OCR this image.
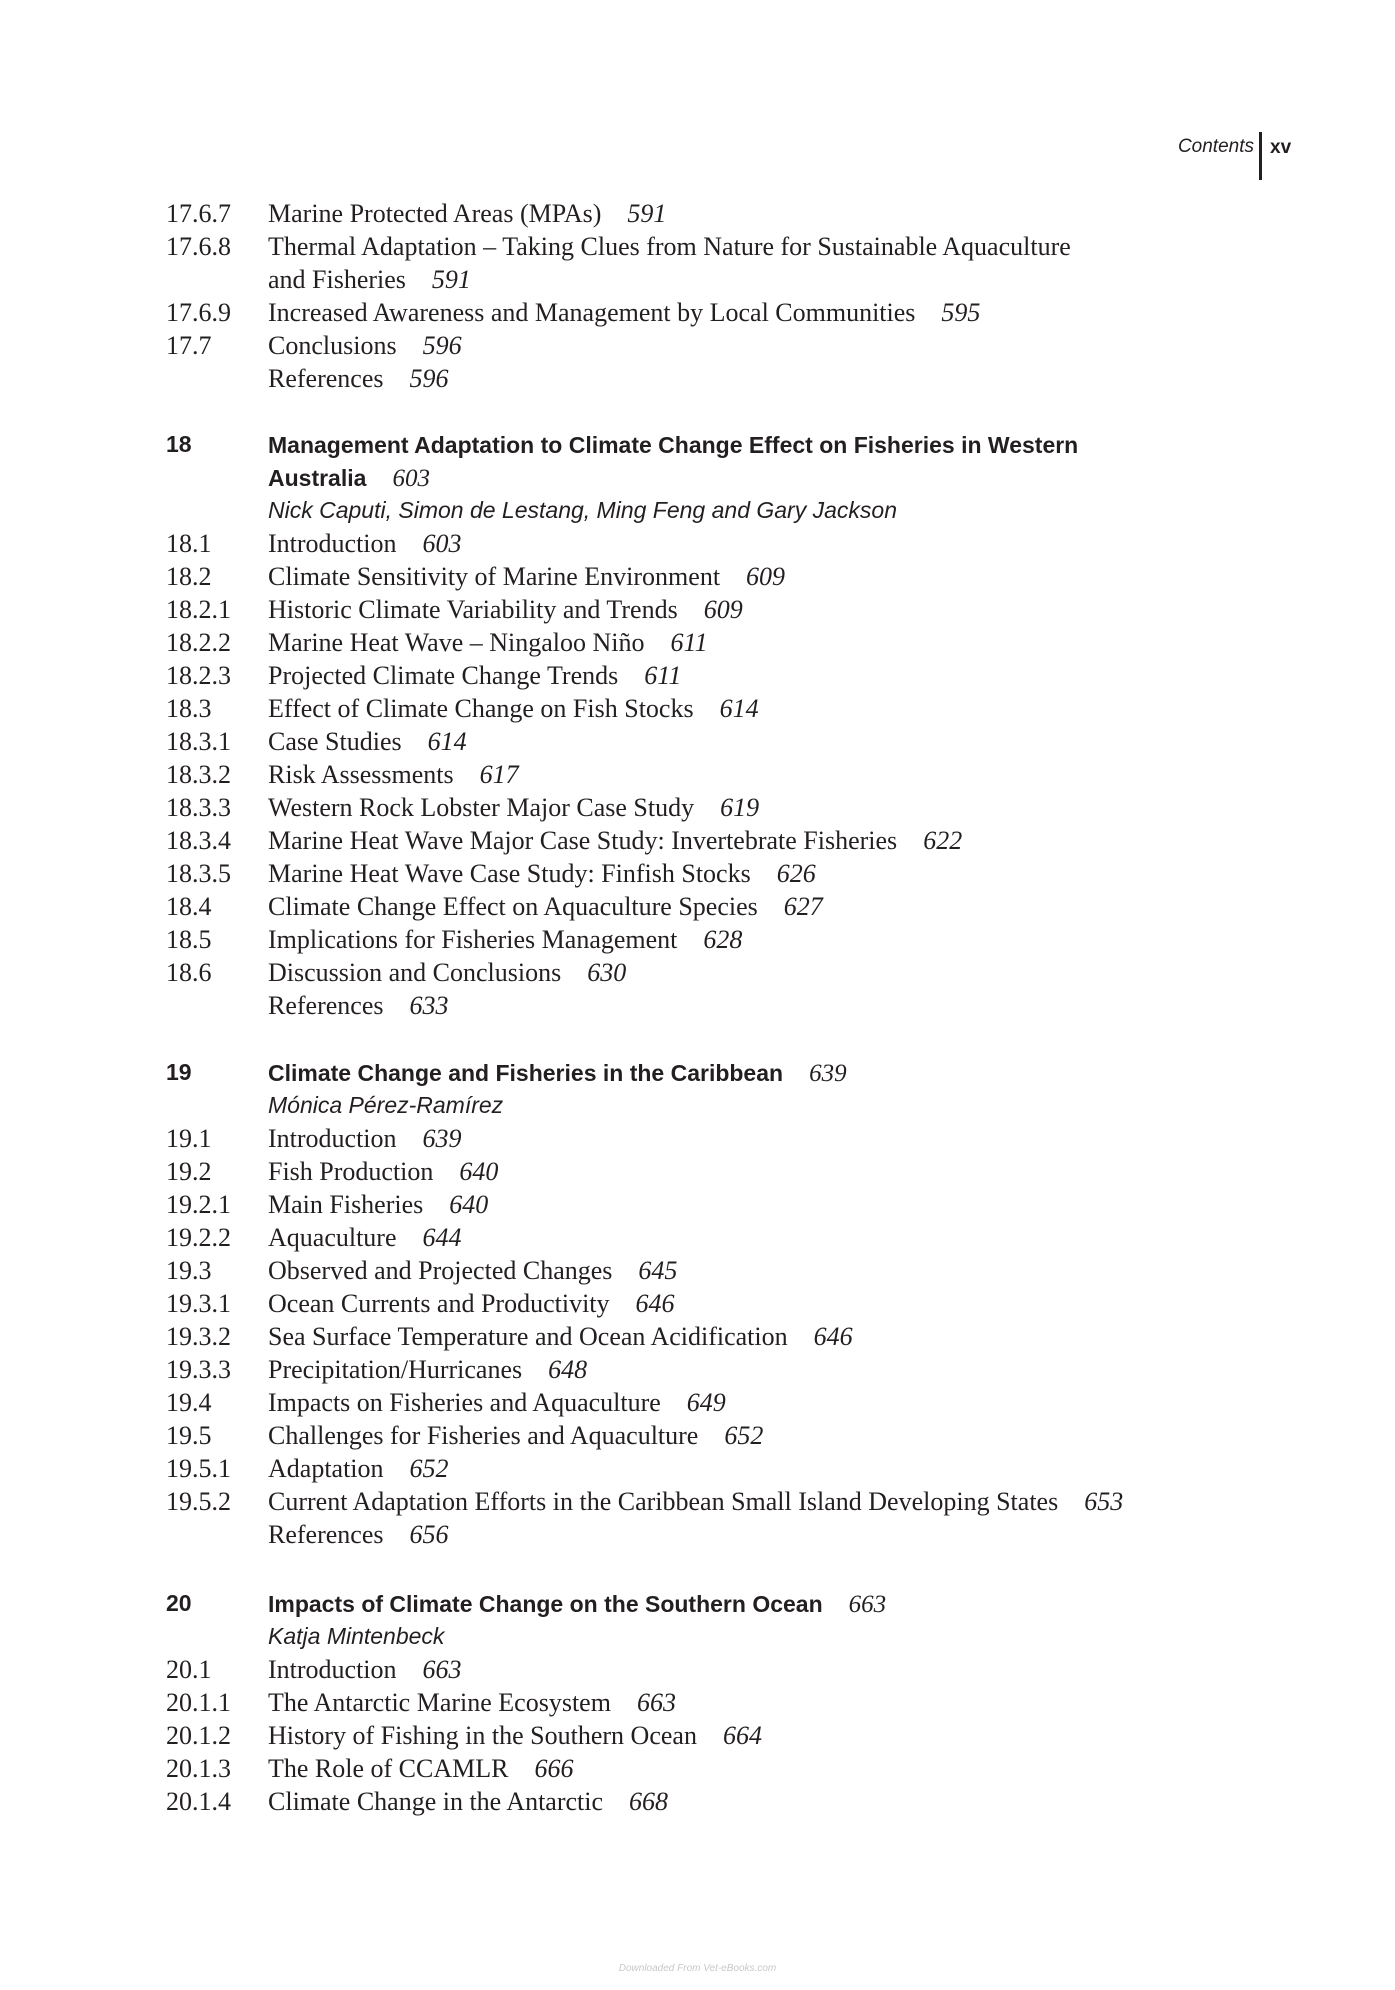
Contents xv
17.6.7 Marine Protected Areas (MPAs) 591
17.6.8 Thermal Adaptation – Taking Clues from Nature for Sustainable Aquaculture
and Fisheries 591
17.6.9 Increased Awareness and Management by Local Communities 595
17.7 Conclusions 596
References 596
18	Management Adaptation to Climate Change Effect on Fisheries in Western
Australia 603
Nick Caputi, Simon de Lestang, Ming Feng and Gary Jackson
18.1 Introduction 603
18.2 Climate Sensitivity of Marine Environment 609
18.2.1 Historic Climate Variability and Trends 609
18.2.2 Marine Heat Wave – Ningaloo Niño 611
18.2.3 Projected Climate Change Trends 611
18.3 Effect of Climate Change on Fish Stocks 614
18.3.1 Case Studies 614
18.3.2 Risk Assessments 617
18.3.3 Western Rock Lobster Major Case Study 619
18.3.4 Marine Heat Wave Major Case Study: Invertebrate Fisheries 622
18.3.5 Marine Heat Wave Case Study: Finfish Stocks 626
18.4 Climate Change Effect on Aquaculture Species 627
18.5 Implications for Fisheries Management 628
18.6 Discussion and Conclusions 630
References 633
19	Climate Change and Fisheries in the Caribbean 639
Mónica Pérez-Ramírez
19.1 Introduction 639
19.2 Fish Production 640
19.2.1 Main Fisheries 640
19.2.2 Aquaculture 644
19.3 Observed and Projected Changes 645
19.3.1 Ocean Currents and Productivity 646
19.3.2 Sea Surface Temperature and Ocean Acidification 646
19.3.3 Precipitation/Hurricanes 648
19.4 Impacts on Fisheries and Aquaculture 649
19.5 Challenges for Fisheries and Aquaculture 652
19.5.1 Adaptation 652
19.5.2 Current Adaptation Efforts in the Caribbean Small Island Developing States 653
References 656
20	Impacts of Climate Change on the Southern Ocean 663
Katja Mintenbeck
20.1 Introduction 663
20.1.1 The Antarctic Marine Ecosystem 663
20.1.2 History of Fishing in the Southern Ocean 664
20.1.3 The Role of CCAMLR 666
20.1.4 Climate Change in the Antarctic 668
Downloaded From Vet-eBooks.com
